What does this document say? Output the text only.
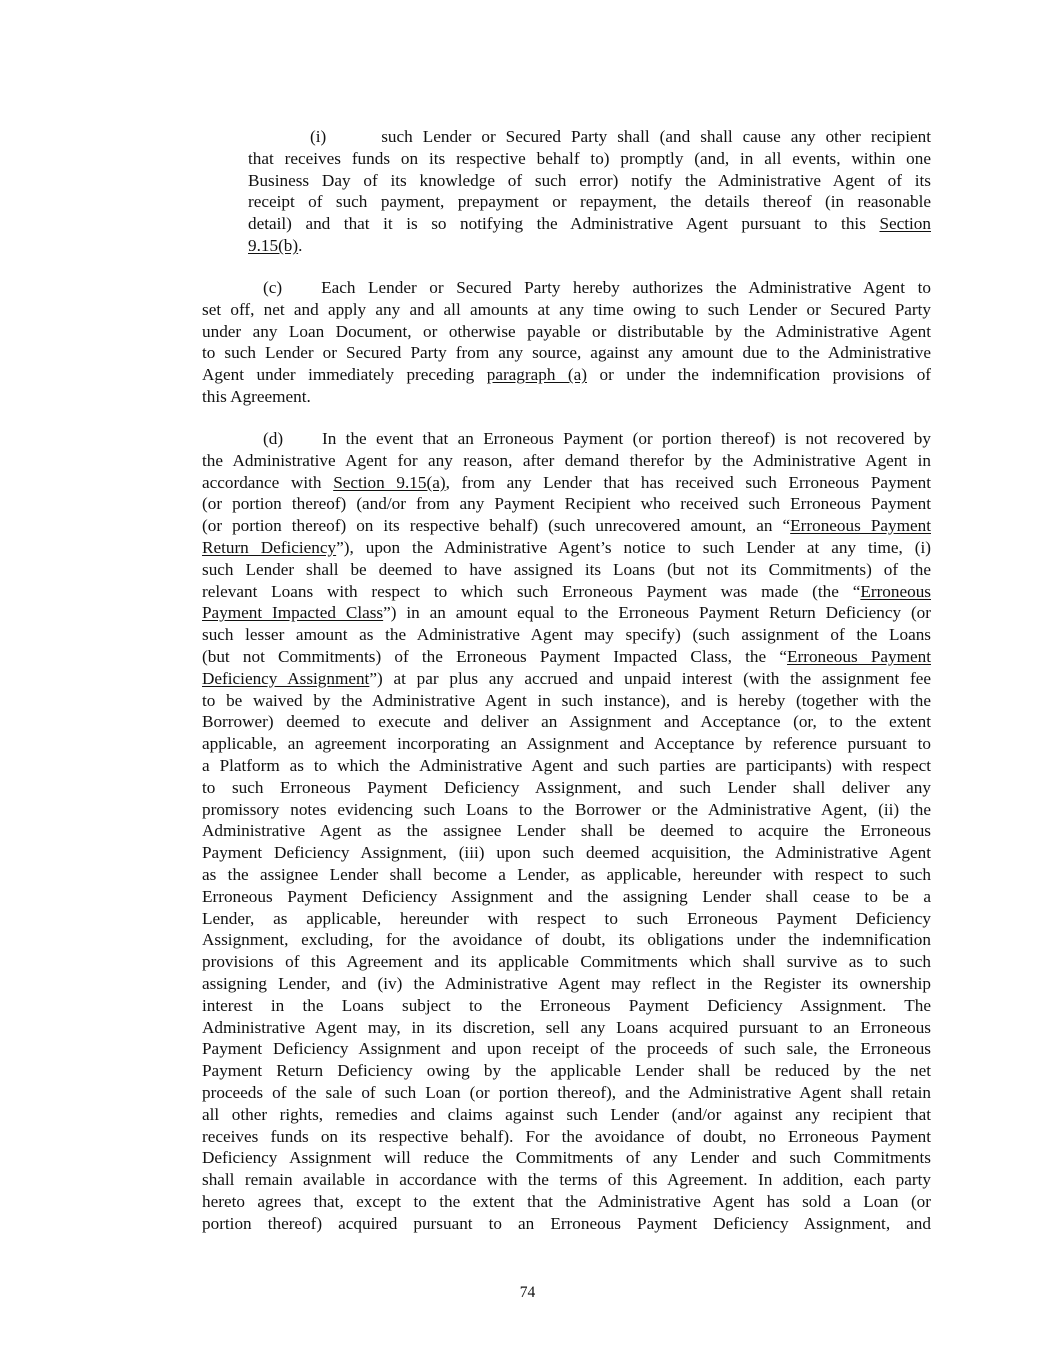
(i)	such Lender or Secured Party shall (and shall cause any other recipient
that receives funds on its respective behalf to) promptly (and, in all events, within one
Business Day of its knowledge of such error) notify the Administrative Agent of its
receipt of such payment, prepayment or repayment, the details thereof (in reasonable
detail) and that it is so notifying the Administrative Agent pursuant to this Section
9.15(b).
(c) Each Lender or Secured Party hereby authorizes the Administrative Agent to
set off, net and apply any and all amounts at any time owing to such Lender or Secured Party
under any Loan Document, or otherwise payable or distributable by the Administrative Agent
to such Lender or Secured Party from any source, against any amount due to the Administrative
Agent under immediately preceding paragraph (a) or under the indemnification provisions of
this Agreement.
(d) In the event that an Erroneous Payment (or portion thereof) is not recovered by
the Administrative Agent for any reason, after demand therefor by the Administrative Agent in
accordance with Section 9.15(a), from any Lender that has received such Erroneous Payment
(or portion thereof) (and/or from any Payment Recipient who received such Erroneous Payment
(or portion thereof) on its respective behalf) (such unrecovered amount, an “Erroneous Payment
Return Deficiency”), upon the Administrative Agent’s notice to such Lender at any time, (i)
such Lender shall be deemed to have assigned its Loans (but not its Commitments) of the
relevant Loans with respect to which such Erroneous Payment was made (the “Erroneous
Payment Impacted Class”) in an amount equal to the Erroneous Payment Return Deficiency (or
such lesser amount as the Administrative Agent may specify) (such assignment of the Loans
(but not Commitments) of the Erroneous Payment Impacted Class, the “Erroneous Payment
Deficiency Assignment”) at par plus any accrued and unpaid interest (with the assignment fee
to be waived by the Administrative Agent in such instance), and is hereby (together with the
Borrower) deemed to execute and deliver an Assignment and Acceptance (or, to the extent
applicable, an agreement incorporating an Assignment and Acceptance by reference pursuant to
a Platform as to which the Administrative Agent and such parties are participants) with respect
to such Erroneous Payment Deficiency Assignment, and such Lender shall deliver any
promissory notes evidencing such Loans to the Borrower or the Administrative Agent, (ii) the
Administrative Agent as the assignee Lender shall be deemed to acquire the Erroneous
Payment Deficiency Assignment, (iii) upon such deemed acquisition, the Administrative Agent
as the assignee Lender shall become a Lender, as applicable, hereunder with respect to such
Erroneous Payment Deficiency Assignment and the assigning Lender shall cease to be a
Lender, as applicable, hereunder with respect to such Erroneous Payment Deficiency
Assignment, excluding, for the avoidance of doubt, its obligations under the indemnification
provisions of this Agreement and its applicable Commitments which shall survive as to such
assigning Lender, and (iv) the Administrative Agent may reflect in the Register its ownership
interest in the Loans subject to the Erroneous Payment Deficiency Assignment. The
Administrative Agent may, in its discretion, sell any Loans acquired pursuant to an Erroneous
Payment Deficiency Assignment and upon receipt of the proceeds of such sale, the Erroneous
Payment Return Deficiency owing by the applicable Lender shall be reduced by the net
proceeds of the sale of such Loan (or portion thereof), and the Administrative Agent shall retain
all other rights, remedies and claims against such Lender (and/or against any recipient that
receives funds on its respective behalf). For the avoidance of doubt, no Erroneous Payment
Deficiency Assignment will reduce the Commitments of any Lender and such Commitments
shall remain available in accordance with the terms of this Agreement. In addition, each party
hereto agrees that, except to the extent that the Administrative Agent has sold a Loan (or
portion thereof) acquired pursuant to an Erroneous Payment Deficiency Assignment, and
74
